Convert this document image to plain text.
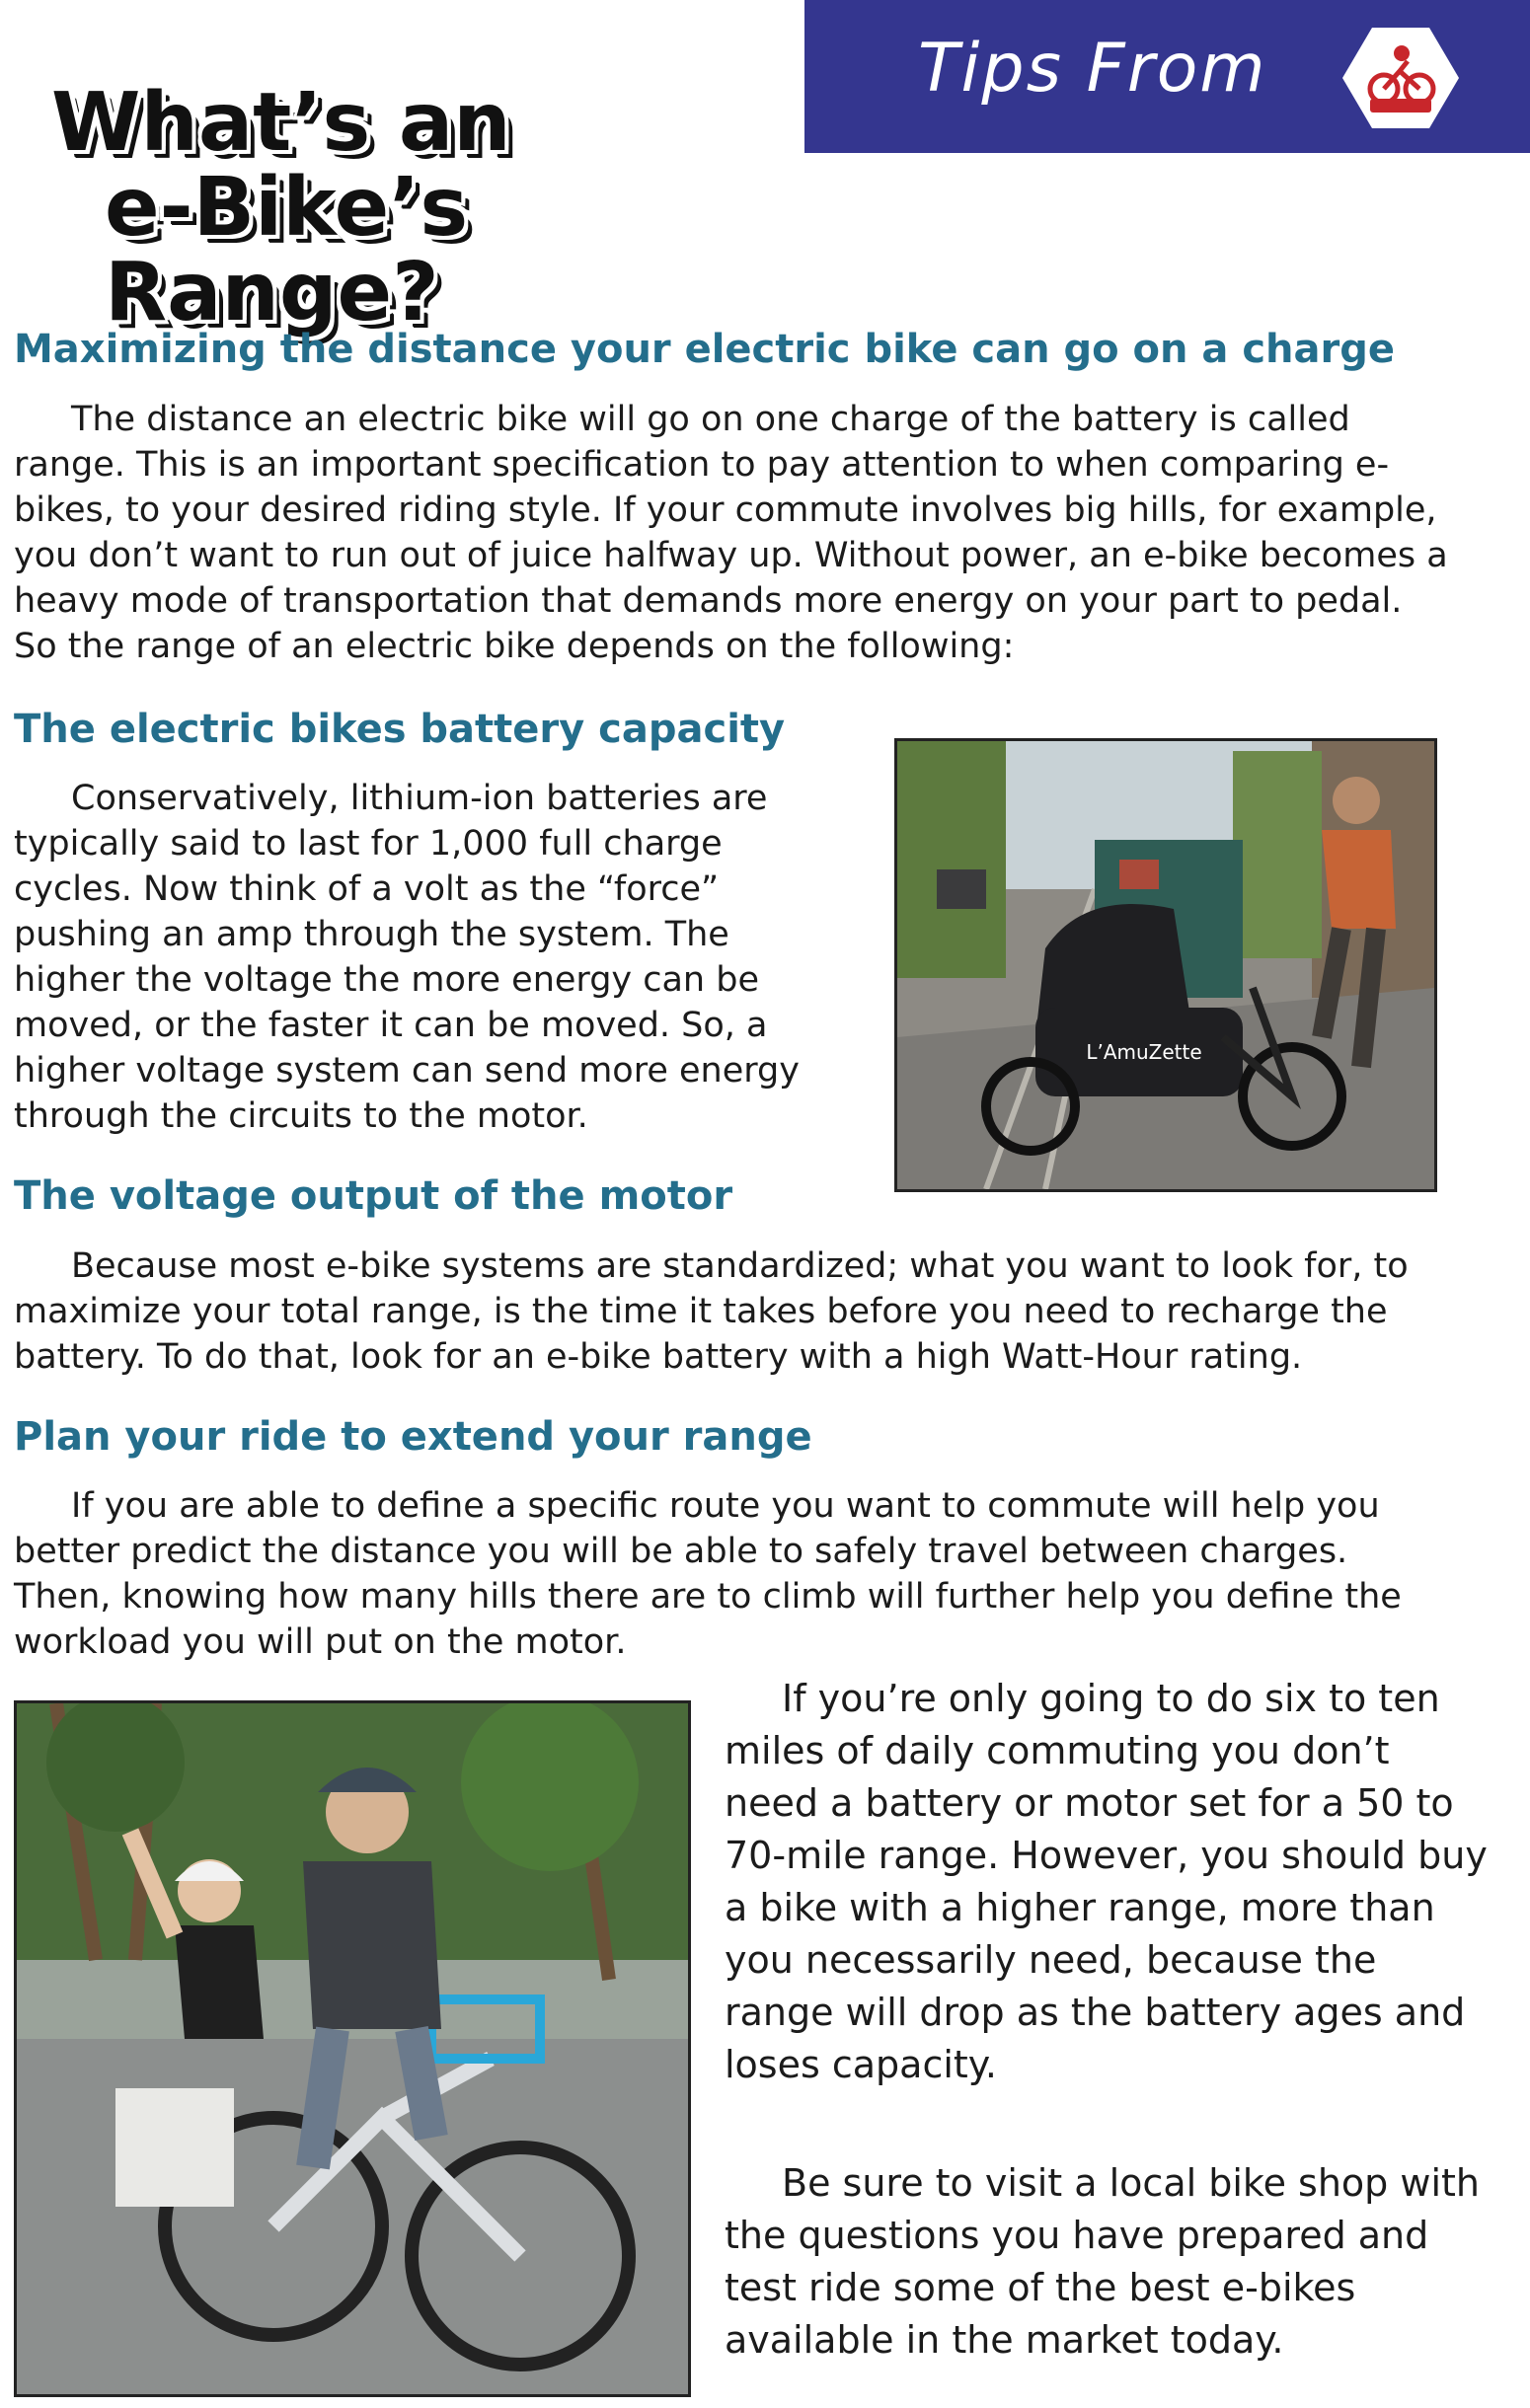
Tips From
What’s an
e-Bike’s Range?
Maximizing the distance your electric bike can go on a charge
The distance an electric bike will go on one charge of the battery is called range. This is an important specification to pay attention to when comparing e-bikes, to your desired riding style. If your commute involves big hills, for example, you don’t want to run out of juice halfway up. Without power, an e-bike becomes a heavy mode of transportation that demands more energy on your part to pedal. So the range of an electric bike depends on the following:
The electric bikes battery capacity
Conservatively, lithium-ion batteries are typically said to last for 1,000 full charge cycles. Now think of a volt as the “force” pushing an amp through the system. The higher the voltage the more energy can be moved, or the faster it can be moved. So, a higher voltage system can send more energy through the circuits to the motor.
L’AmuZette
The voltage output of the motor
Because most e-bike systems are standardized; what you want to look for, to maximize your total range, is the time it takes before you need to recharge the battery. To do that, look for an e-bike battery with a high Watt-Hour rating.
Plan your ride to extend your range
If you are able to define a specific route you want to commute will help you better predict the distance you will be able to safely travel between charges. Then, knowing how many hills there are to climb will further help you define the workload you will put on the motor.
If you’re only going to do six to ten miles of daily commuting you don’t need a battery or motor set for a 50 to 70-mile range. However, you should buy a bike with a higher range, more than you necessarily need, because the range will drop as the battery ages and loses capacity.
Be sure to visit a local bike shop with the questions you have prepared and test ride some of the best e-bikes available in the market today.
